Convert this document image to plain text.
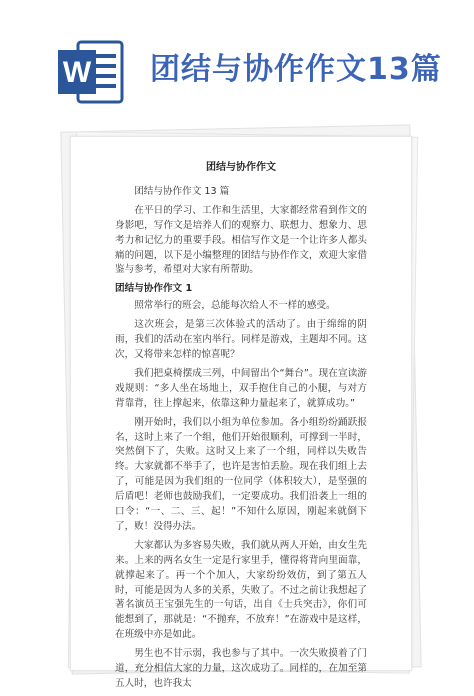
W 团结与协作作文13篇
团结与协作作文
团结与协作作文 13 篇
在平日的学习、工作和生活里，大家都经常看到作文的身影吧，写作文是培养人们的观察力、联想力、想象力、思考力和记忆力的重要手段。相信写作文是一个让许多人都头痛的问题，以下是小编整理的团结与协作作文，欢迎大家借鉴与参考，希望对大家有所帮助。
团结与协作作文 1
照常举行的班会，总能每次给人不一样的感受。
这次班会，是第三次体验式的活动了。由于绵绵的阴雨，我们的活动在室内举行。同样是游戏，主题却不同。这次，又将带来怎样的惊喜呢？
我们把桌椅摆成三列，中间留出个“舞台”。现在宣读游戏规则：“多人坐在场地上，双手抱住自己的小腿，与对方背靠背，往上撑起来，依靠这种力量起来了，就算成功。”
刚开始时，我们以小组为单位参加。各小组纷纷踊跃报名，这时上来了一个组，他们开始很顺利，可撑到一半时，突然倒下了，失败。这时又上来了一个组，同样以失败告终。大家就都不举手了，也许是害怕丢脸。现在我们组上去了，可能是因为我们组的一位同学（体积较大），是坚强的后盾吧！老师也鼓励我们，一定要成功。我们沿袭上一组的口令：“一、二、三、起！”不知什么原因，刚起来就倒下了，败！没得办法。
大家都认为多容易失败，我们就从两人开始，由女生先来。上来的两名女生一定是行家里手，懂得将背向里面靠，就撑起来了。再一个个加人，大家纷纷效仿，到了第五人时，可能是因为人多的关系，失败了。不过之前让我想起了著名演员王宝强先生的一句话，出自《士兵突击》，你们可能想到了，那就是：“不抛弃，不放弃！”在游戏中是这样，在班级中亦是如此。
男生也不甘示弱，我也参与了其中。一次失败摸着了门道，充分相信大家的力量，这次成功了。同样的，在加至第五人时，也许我太
